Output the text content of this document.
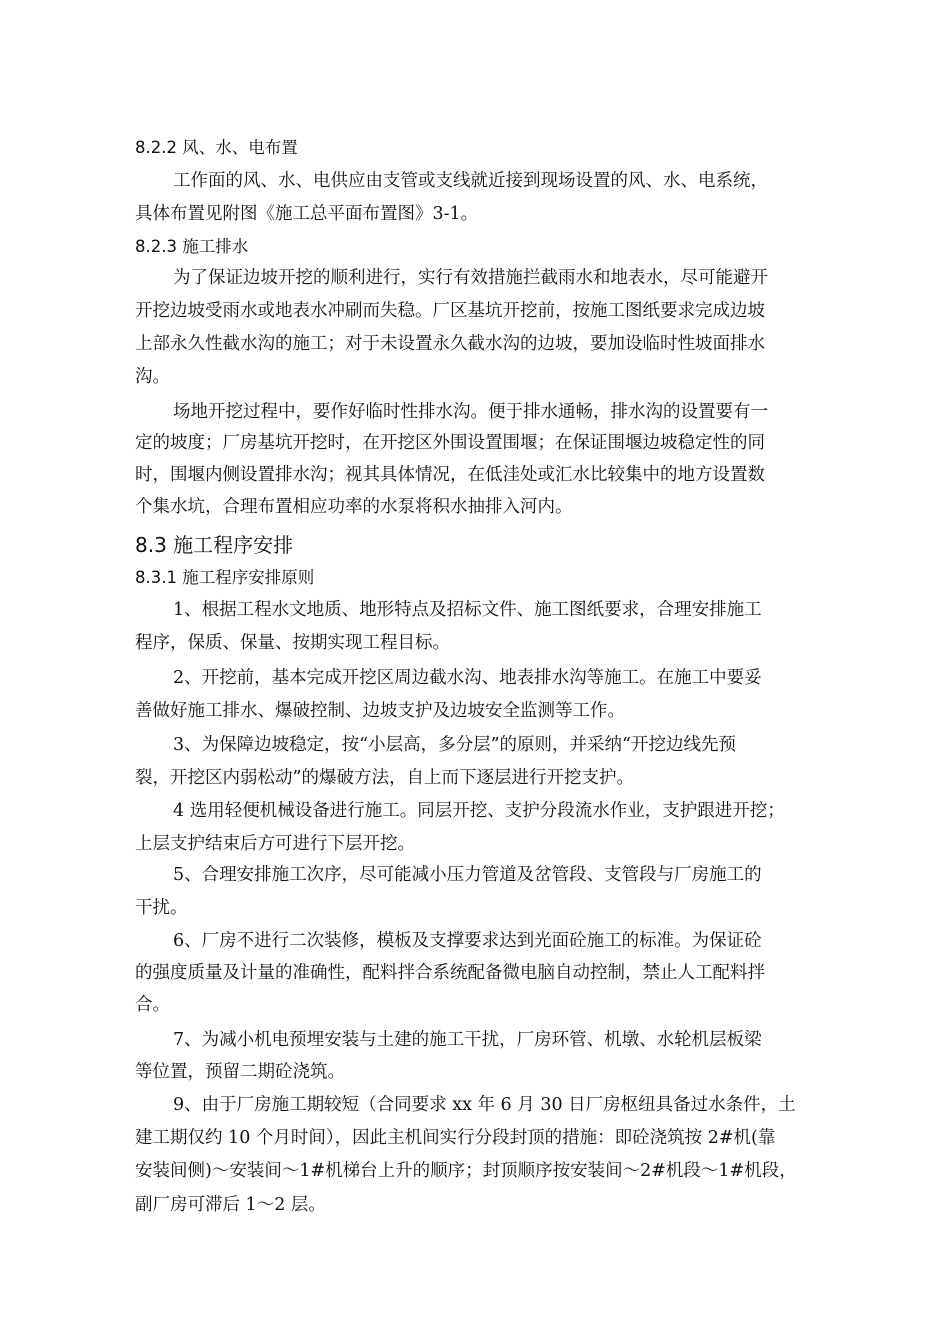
8.2.2 风、水、电布置
工作面的风、水、电供应由支管或支线就近接到现场设置的风、水、电系统，
具体布置见附图《施工总平面布置图》3-1。
8.2.3 施工排水
为了保证边坡开挖的顺利进行，实行有效措施拦截雨水和地表水，尽可能避开
开挖边坡受雨水或地表水冲刷而失稳。厂区基坑开挖前，按施工图纸要求完成边坡
上部永久性截水沟的施工；对于未设置永久截水沟的边坡，要加设临时性坡面排水
沟。
场地开挖过程中，要作好临时性排水沟。便于排水通畅，排水沟的设置要有一
定的坡度；厂房基坑开挖时，在开挖区外围设置围堰；在保证围堰边坡稳定性的同
时，围堰内侧设置排水沟；视其具体情况，在低洼处或汇水比较集中的地方设置数
个集水坑，合理布置相应功率的水泵将积水抽排入河内。
8.3 施工程序安排
8.3.1 施工程序安排原则
1、根据工程水文地质、地形特点及招标文件、施工图纸要求，合理安排施工
程序，保质、保量、按期实现工程目标。
2、开挖前，基本完成开挖区周边截水沟、地表排水沟等施工。在施工中要妥
善做好施工排水、爆破控制、边坡支护及边坡安全监测等工作。
3、为保障边坡稳定，按“小层高，多分层”的原则，并采纳“开挖边线先预
裂，开挖区内弱松动”的爆破方法，自上而下逐层进行开挖支护。
4 选用轻便机械设备进行施工。同层开挖、支护分段流水作业，支护跟进开挖；
上层支护结束后方可进行下层开挖。
5、合理安排施工次序，尽可能减小压力管道及岔管段、支管段与厂房施工的
干扰。
6、厂房不进行二次装修，模板及支撑要求达到光面砼施工的标准。为保证砼
的强度质量及计量的准确性，配料拌合系统配备微电脑自动控制，禁止人工配料拌
合。
7、为减小机电预埋安装与土建的施工干扰，厂房环管、机墩、水轮机层板梁
等位置，预留二期砼浇筑。
9、由于厂房施工期较短（合同要求 xx 年 6 月 30 日厂房枢纽具备过水条件，土
建工期仅约 10 个月时间），因此主机间实行分段封顶的措施：即砼浇筑按 2#机(靠
安装间侧)～安装间～1#机梯台上升的顺序；封顶顺序按安装间～2#机段～1#机段，
副厂房可滞后 1～2 层。
